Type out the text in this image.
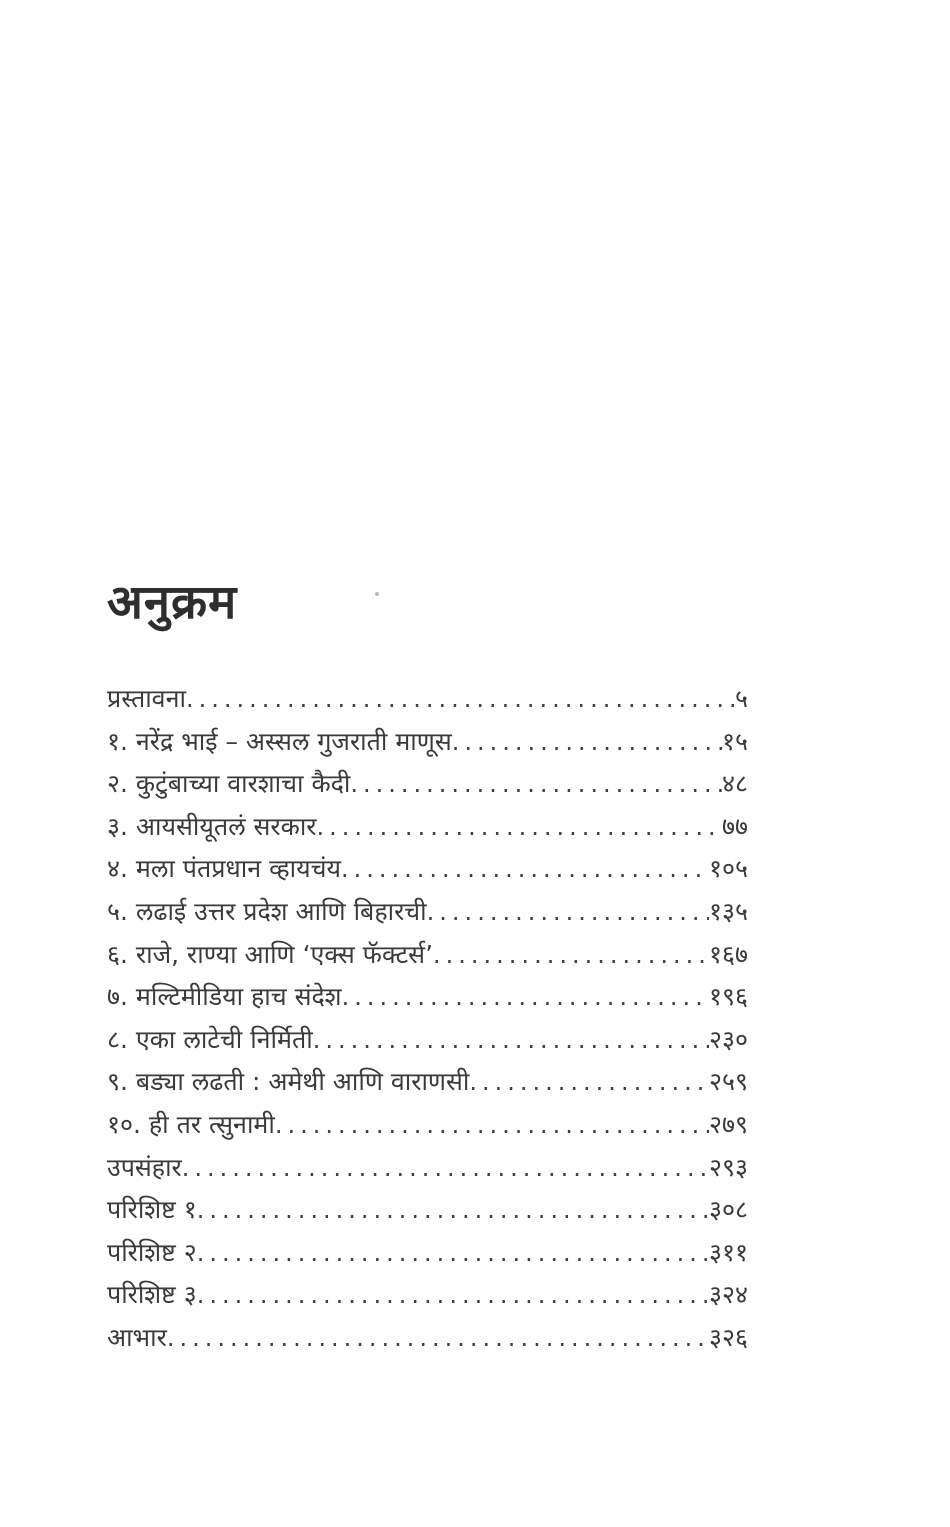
अनुक्रम
प्रस्तावना .....	५
१. नरेंद्र भाई – अस्सल गुजराती माणूस .....	१५
२. कुटुंबाच्या वारशाचा कैदी .....	४८
३. आयसीयूतलं सरकार .....	७७
४. मला पंतप्रधान व्हायचंय .....	१०५
५. लढाई उत्तर प्रदेश आणि बिहारची .....	१३५
६. राजे, राण्या आणि ‘एक्स फॅक्टर्स’ .....	१६७
७. मल्टिमीडिया हाच संदेश .....	१९६
८. एका लाटेची निर्मिती .....	२३०
९. बड्या लढती : अमेथी आणि वाराणसी .....	२५९
१०. ही तर त्सुनामी .....	२७९
उपसंहार .....	२९३
परिशिष्ट १ .....	३०८
परिशिष्ट २ .....	३११
परिशिष्ट ३ .....	३२४
आभार .....	३२६
